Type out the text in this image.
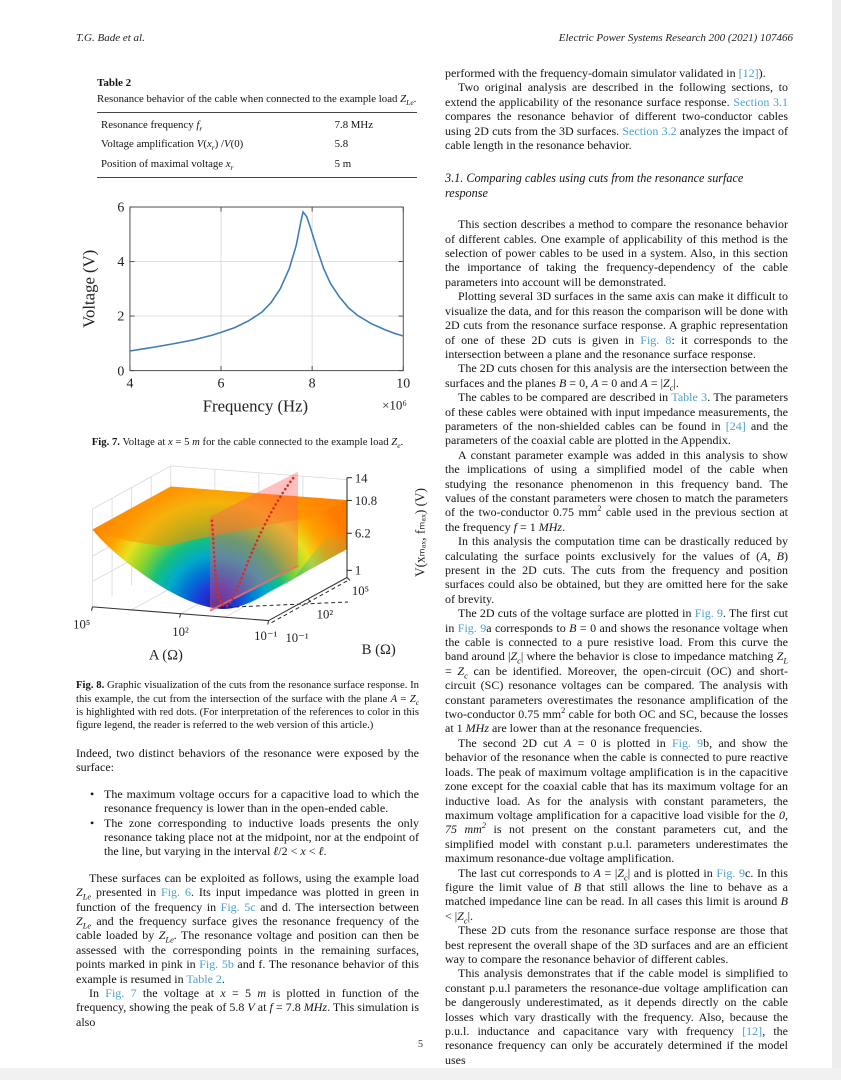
T.G. Bade et al.	Electric Power Systems Research 200 (2021) 107466
Table 2
Resonance behavior of the cable when connected to the example load $Z_{Le}$.
Resonance frequency $f_r$	7.8 MHz
Voltage amplification $V(x_r)$ /V(0)	5.8
Position of maximal voltage $x_r$	5 m
4	6	8	10
0
2
4
6
Frequency (Hz)	×10⁶
Voltage (V)
Fig. 7. Voltage at x = 5 m for the cable connected to the example load $Z_e$.
10⁵
10²	10⁻¹ 10⁻¹
10²
10⁵
1
6.2
10.8
14
A (Ω)	B (Ω)
V(xₘₐₓ, fₘₐₓ) (V)
Fig. 8. Graphic visualization of the cuts from the resonance surface response. In this example, the cut from the intersection of the surface with the plane $A = Z_c$ is highlighted with red dots. (For interpretation of the references to color in this figure legend, the reader is referred to the web version of this article.)

Indeed, two distinct behaviors of the resonance were exposed by the surface:

• The maximum voltage occurs for a capacitive load to which the resonance frequency is lower than in the open-ended cable.
• The zone corresponding to inductive loads presents the only resonance taking place not at the midpoint, nor at the endpoint of the line, but varying in the interval ℓ/2 < x < ℓ.

These surfaces can be exploited as follows, using the example load $Z_{Le}$ presented in Fig. 6. Its input impedance was plotted in green in function of the frequency in Fig. 5c and d. The intersection between $Z_{Le}$ and the frequency surface gives the resonance frequency of the cable loaded by $Z_{Le}$. The resonance voltage and position can then be assessed with the corresponding points in the remaining surfaces, points marked in pink in Fig. 5b and f. The resonance behavior of this example is resumed in Table 2.

In Fig. 7 the voltage at x = 5 m is plotted in function of the frequency, showing the peak of 5.8 V at f = 7.8 MHz. This simulation is also

performed with the frequency-domain simulator validated in [12]).

Two original analysis are described in the following sections, to extend the applicability of the resonance surface response. Section 3.1 compares the resonance behavior of different two-conductor cables using 2D cuts from the 3D surfaces. Section 3.2 analyzes the impact of cable length in the resonance behavior.

3.1. Comparing cables using cuts from the resonance surface response

This section describes a method to compare the resonance behavior of different cables. One example of applicability of this method is the selection of power cables to be used in a system. Also, in this section the importance of taking the frequency-dependency of the cable parameters into account will be demonstrated.

Plotting several 3D surfaces in the same axis can make it difficult to visualize the data, and for this reason the comparison will be done with 2D cuts from the resonance surface response. A graphic representation of one of these 2D cuts is given in Fig. 8: it corresponds to the intersection between a plane and the resonance surface response.

The 2D cuts chosen for this analysis are the intersection between the surfaces and the planes B = 0, A = 0 and $A = |Z_c|$.

The cables to be compared are described in Table 3. The parameters of these cables were obtained with input impedance measurements, the parameters of the non-shielded cables can be found in [24] and the parameters of the coaxial cable are plotted in the Appendix.

A constant parameter example was added in this analysis to show the implications of using a simplified model of the cable when studying the resonance phenomenon in this frequency band. The values of the constant parameters were chosen to match the parameters of the two-conductor 0.75 $mm^2$ cable used in the previous section at the frequency f = 1 MHz.

In this analysis the computation time can be drastically reduced by calculating the surface points exclusively for the values of (A, B) present in the 2D cuts. The cuts from the frequency and position surfaces could also be obtained, but they are omitted here for the sake of brevity.

The 2D cuts of the voltage surface are plotted in Fig. 9. The first cut in Fig. 9a corresponds to B = 0 and shows the resonance voltage when the cable is connected to a pure resistive load. From this curve the band around $|Z_c|$ where the behavior is close to impedance matching $Z_L = Z_c$ can be identified. Moreover, the open-circuit (OC) and short-circuit (SC) resonance voltages can be compared. The analysis with constant parameters overestimates the resonance amplification of the two-conductor 0.75 $mm^2$ cable for both OC and SC, because the losses at 1 MHz are lower than at the resonance frequencies.

The second 2D cut A = 0 is plotted in Fig. 9b, and show the behavior of the resonance when the cable is connected to pure reactive loads. The peak of maximum voltage amplification is in the capacitive zone except for the coaxial cable that has its maximum voltage for an inductive load. As for the analysis with constant parameters, the maximum voltage amplification for a capacitive load visible for the 0, 75 $mm^2$ is not present on the constant parameters cut, and the simplified model with constant p.u.l. parameters underestimates the maximum resonance-due voltage amplification.

The last cut corresponds to $A = |Z_c|$ and is plotted in Fig. 9c. In this figure the limit value of B that still allows the line to behave as a matched impedance line can be read. In all cases this limit is around $B < |Z_c|$.

These 2D cuts from the resonance surface response are those that best represent the overall shape of the 3D surfaces and are an efficient way to compare the resonance behavior of different cables.

This analysis demonstrates that if the cable model is simplified to constant p.u.l parameters the resonance-due voltage amplification can be dangerously underestimated, as it depends directly on the cable losses which vary drastically with the frequency. Also, because the p.u.l. inductance and capacitance vary with frequency [12], the resonance frequency can only be accurately determined if the model uses

5
